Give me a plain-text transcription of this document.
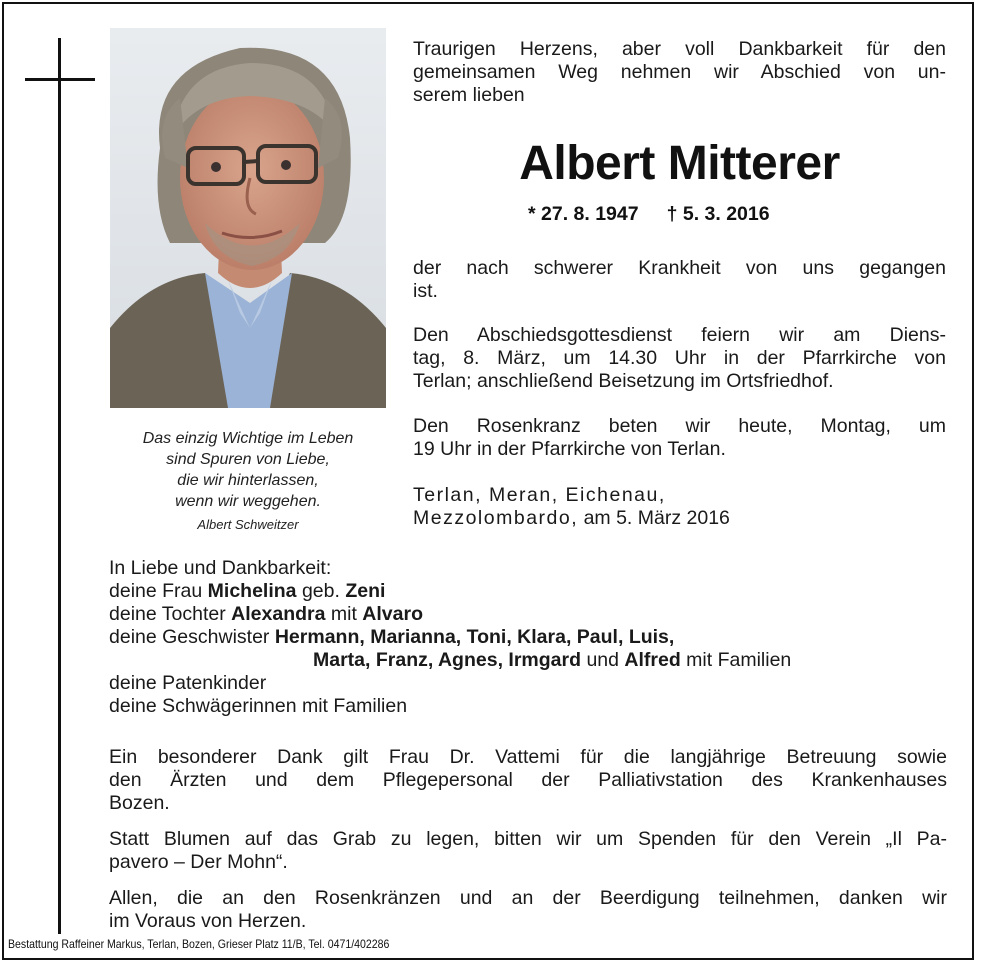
Das einzig Wichtige im Leben
sind Spuren von Liebe,
die wir hinterlassen,
wenn wir weggehen.
Albert Schweitzer
Traurigen Herzens, aber voll Dankbarkeit für den
gemeinsamen Weg nehmen wir Abschied von un-
serem lieben
Albert Mitterer
* 27. 8. 1947 † 5. 3. 2016
der nach schwerer Krankheit von uns gegangen
ist.
Den Abschiedsgottesdienst feiern wir am Diens-
tag, 8. März, um 14.30 Uhr in der Pfarrkirche von
Terlan; anschließend Beisetzung im Ortsfriedhof.
Den Rosenkranz beten wir heute, Montag, um
19 Uhr in der Pfarrkirche von Terlan.
Terlan, Meran, Eichenau,
Mezzolombardo, am 5. März 2016
In Liebe und Dankbarkeit:
deine Frau Michelina geb. Zeni
deine Tochter Alexandra mit Alvaro
deine Geschwister Hermann, Marianna, Toni, Klara, Paul, Luis,
Marta, Franz, Agnes, Irmgard und Alfred mit Familien
deine Patenkinder
deine Schwägerinnen mit Familien
Ein besonderer Dank gilt Frau Dr. Vattemi für die langjährige Betreuung sowie
den Ärzten und dem Pflegepersonal der Palliativstation des Krankenhauses
Bozen.
Statt Blumen auf das Grab zu legen, bitten wir um Spenden für den Verein „Il Pa-
pavero – Der Mohn“.
Allen, die an den Rosenkränzen und an der Beerdigung teilnehmen, danken wir
im Voraus von Herzen.
Bestattung Raffeiner Markus, Terlan, Bozen, Grieser Platz 11/B, Tel. 0471/402286
